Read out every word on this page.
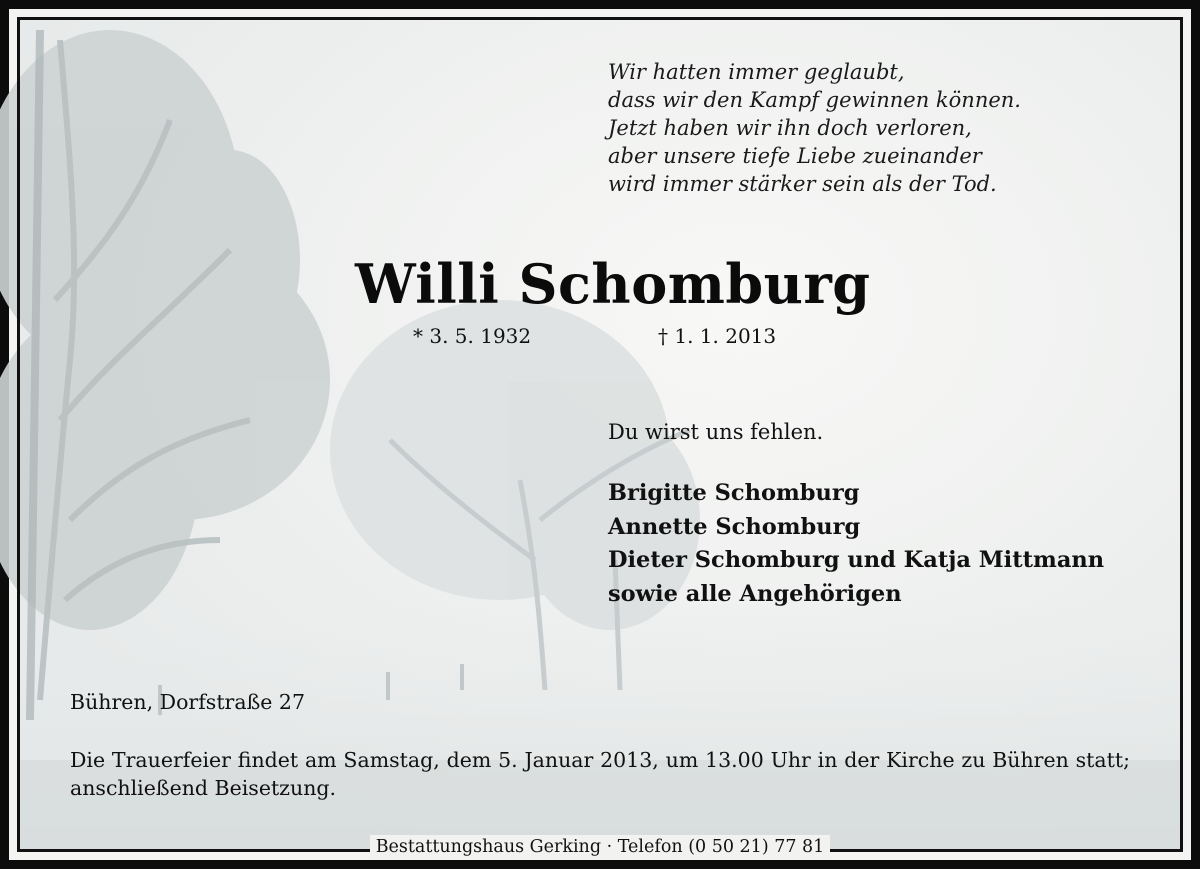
Wir hatten immer geglaubt,
dass wir den Kampf gewinnen können.
Jetzt haben wir ihn doch verloren,
aber unsere tiefe Liebe zueinander
wird immer stärker sein als der Tod.
Willi Schomburg
* 3. 5. 1932	† 1. 1. 2013
Du wirst uns fehlen.
Brigitte Schomburg
Annette Schomburg
Dieter Schomburg und Katja Mittmann
sowie alle Angehörigen
Bühren, Dorfstraße 27
Die Trauerfeier findet am Samstag, dem 5. Januar 2013, um 13.00 Uhr in der Kirche zu Bühren statt; anschließend Beisetzung.
Bestattungshaus Gerking · Telefon (0 50 21) 77 81
